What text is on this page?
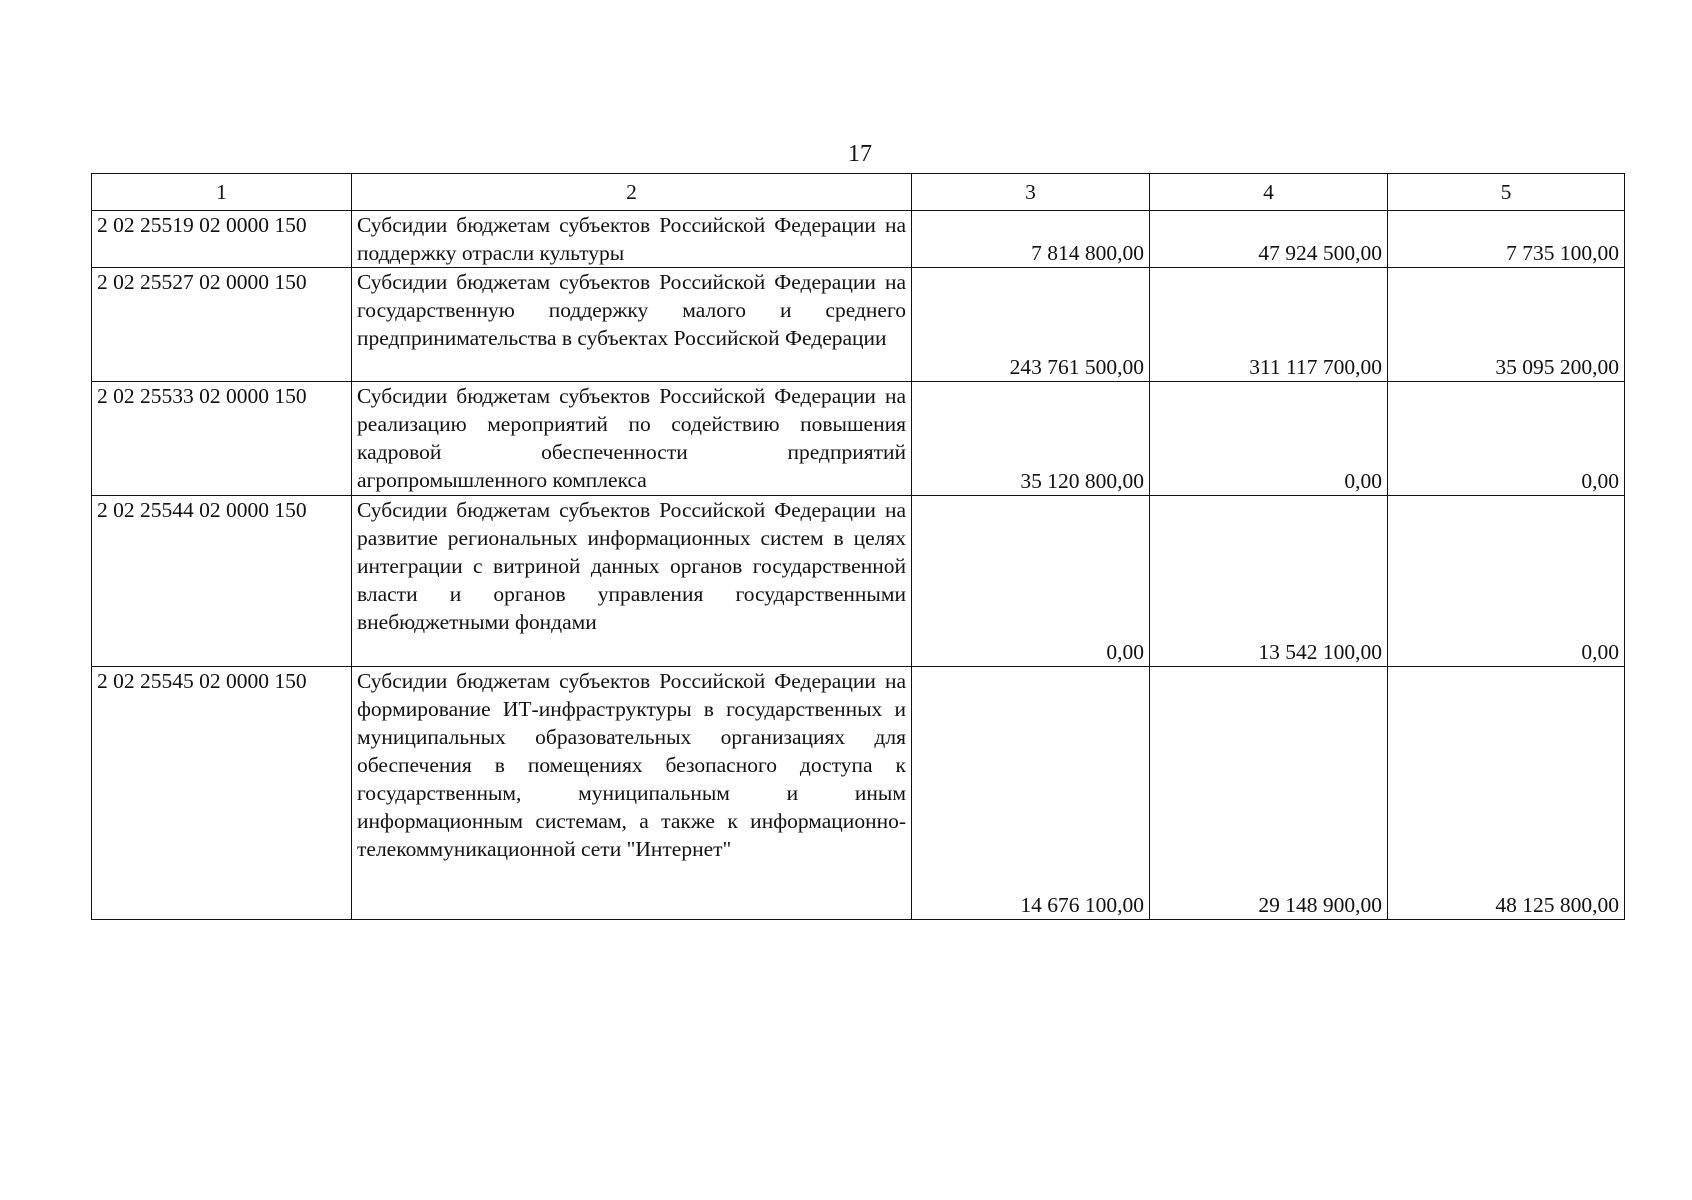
17
1	2	3	4	5
2 02 25519 02 0000 150	Субсидии бюджетам субъектов Российской Федерации на поддержку отрасли культуры	7 814 800,00	47 924 500,00	7 735 100,00
2 02 25527 02 0000 150	Субсидии бюджетам субъектов Российской Федерации на государственную поддержку малого и среднего предпринимательства в субъектах Российской Федерации	243 761 500,00	311 117 700,00	35 095 200,00
2 02 25533 02 0000 150	Субсидии бюджетам субъектов Российской Федерации на реализацию мероприятий по содействию повышения кадровой обеспеченности предприятий агропромышленного комплекса	35 120 800,00	0,00	0,00
2 02 25544 02 0000 150	Субсидии бюджетам субъектов Российской Федерации на развитие региональных информационных систем в целях интеграции с витриной данных органов государственной власти и органов управления государственными внебюджетными фондами	0,00	13 542 100,00	0,00
2 02 25545 02 0000 150	Субсидии бюджетам субъектов Российской Федерации на формирование ИТ-инфраструктуры в государственных и муниципальных образовательных организациях для обеспечения в помещениях безопасного доступа к государственным, муниципальным и иным информационным системам, а также к информационно-телекоммуникационной сети "Интернет"	14 676 100,00	29 148 900,00	48 125 800,00
